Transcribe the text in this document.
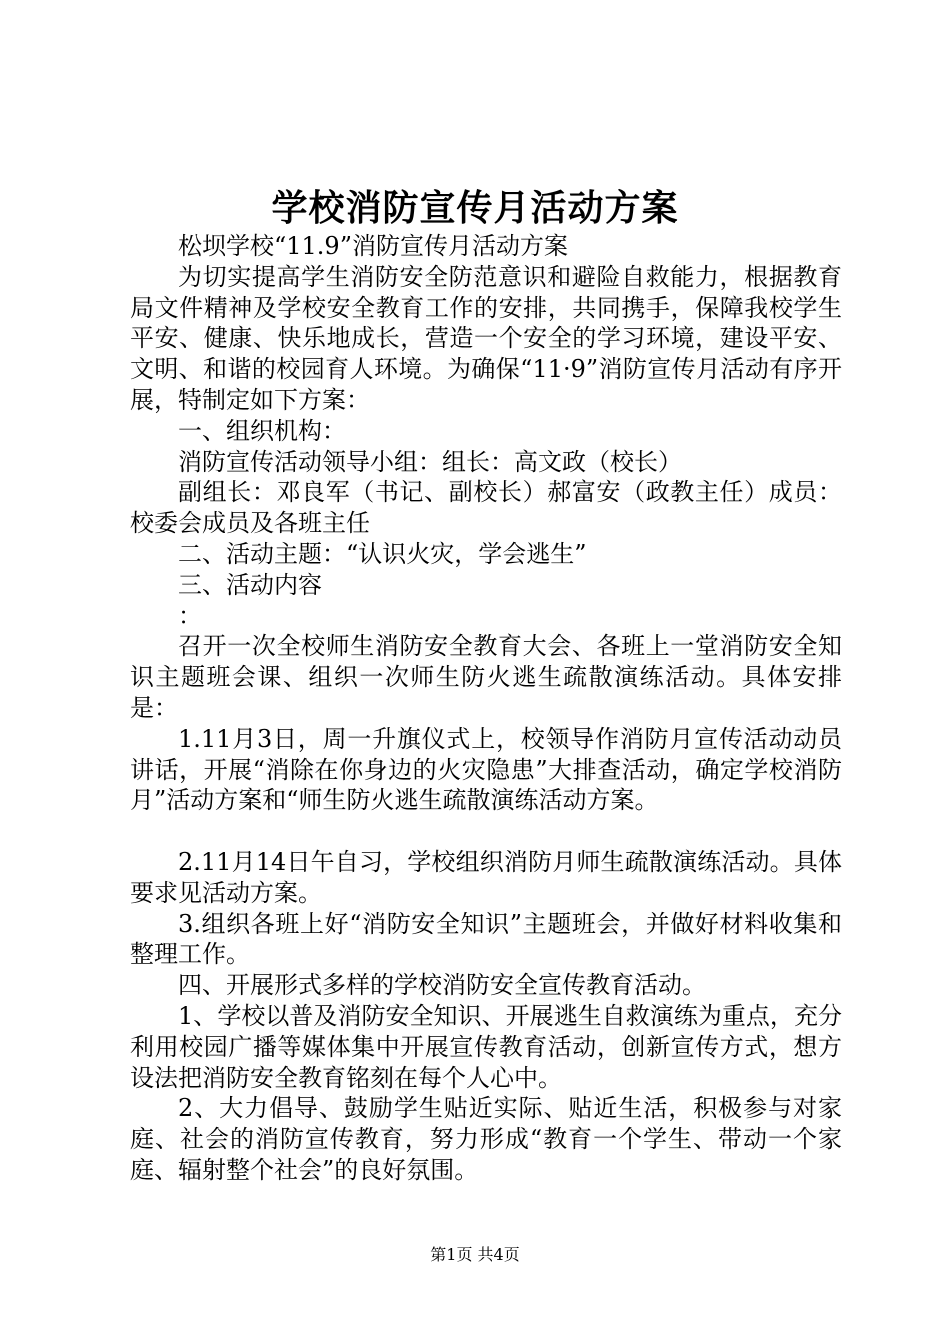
学校消防宣传月活动方案

松坝学校“11.9”消防宣传月活动方案

为切实提高学生消防安全防范意识和避险自救能力，根据教育局文件精神及学校安全教育工作的安排，共同携手，保障我校学生平安、健康、快乐地成长，营造一个安全的学习环境，建设平安、文明、和谐的校园育人环境。为确保“11·9”消防宣传月活动有序开展，特制定如下方案：

一、组织机构：

消防宣传活动领导小组：组长：高文政（校长）

副组长：邓良军（书记、副校长）郝富安（政教主任）成员：校委会成员及各班主任

二、活动主题：“认识火灾，学会逃生”

三、活动内容

：

召开一次全校师生消防安全教育大会、各班上一堂消防安全知识主题班会课、组织一次师生防火逃生疏散演练活动。具体安排是：

1.11月3日，周一升旗仪式上，校领导作消防月宣传活动动员讲话，开展“消除在你身边的火灾隐患”大排查活动，确定学校消防月”活动方案和“师生防火逃生疏散演练活动方案。

2.11月14日午自习，学校组织消防月师生疏散演练活动。具体要求见活动方案。

3.组织各班上好“消防安全知识”主题班会，并做好材料收集和整理工作。

四、开展形式多样的学校消防安全宣传教育活动。

1、学校以普及消防安全知识、开展逃生自救演练为重点，充分利用校园广播等媒体集中开展宣传教育活动，创新宣传方式，想方设法把消防安全教育铭刻在每个人心中。

2、大力倡导、鼓励学生贴近实际、贴近生活，积极参与对家庭、社会的消防宣传教育，努力形成“教育一个学生、带动一个家庭、辐射整个社会”的良好氛围。

第1页 共4页
